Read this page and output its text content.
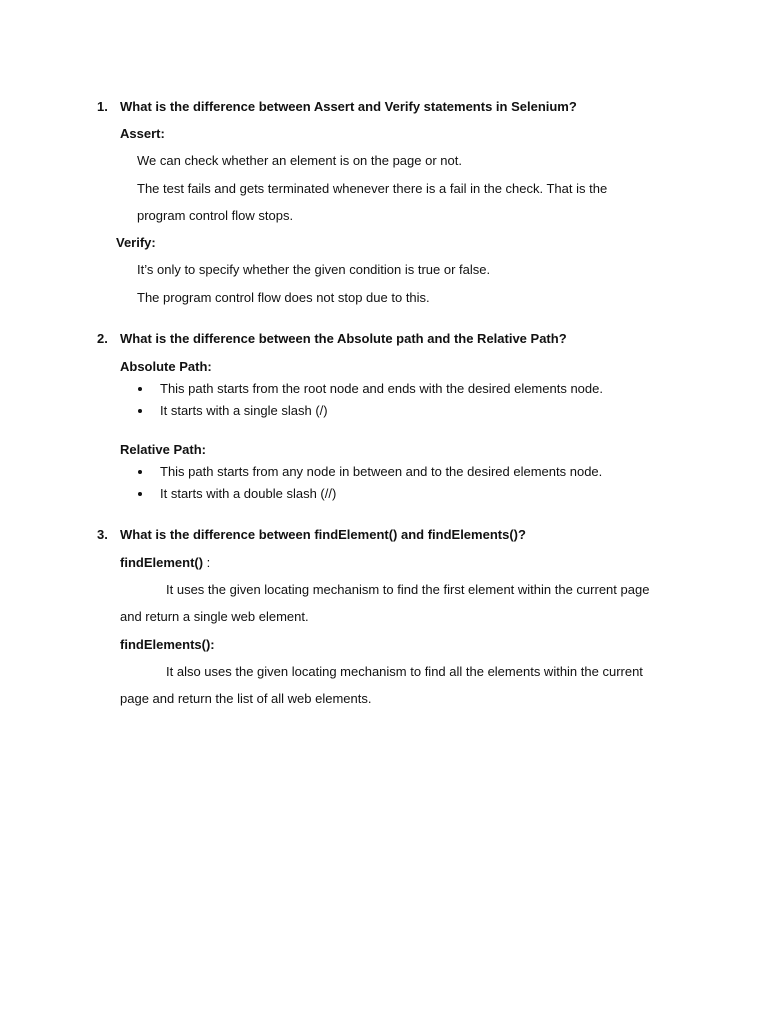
1. What is the difference between Assert and Verify statements in Selenium?
Assert:
We can check whether an element is on the page or not.
The test fails and gets terminated whenever there is a fail in the check. That is the
program control flow stops.
Verify:
It’s only to specify whether the given condition is true or false.
The program control flow does not stop due to this.
2. What is the difference between the Absolute path and the Relative Path?
Absolute Path:
This path starts from the root node and ends with the desired elements node.
It starts with a single slash (/)
Relative Path:
This path starts from any node in between and to the desired elements node.
It starts with a double slash (//)
3. What is the difference between findElement() and findElements()?
findElement() :
It uses the given locating mechanism to find the first element within the current page
and return a single web element.
findElements():
It also uses the given locating mechanism to find all the elements within the current
page and return the list of all web elements.
